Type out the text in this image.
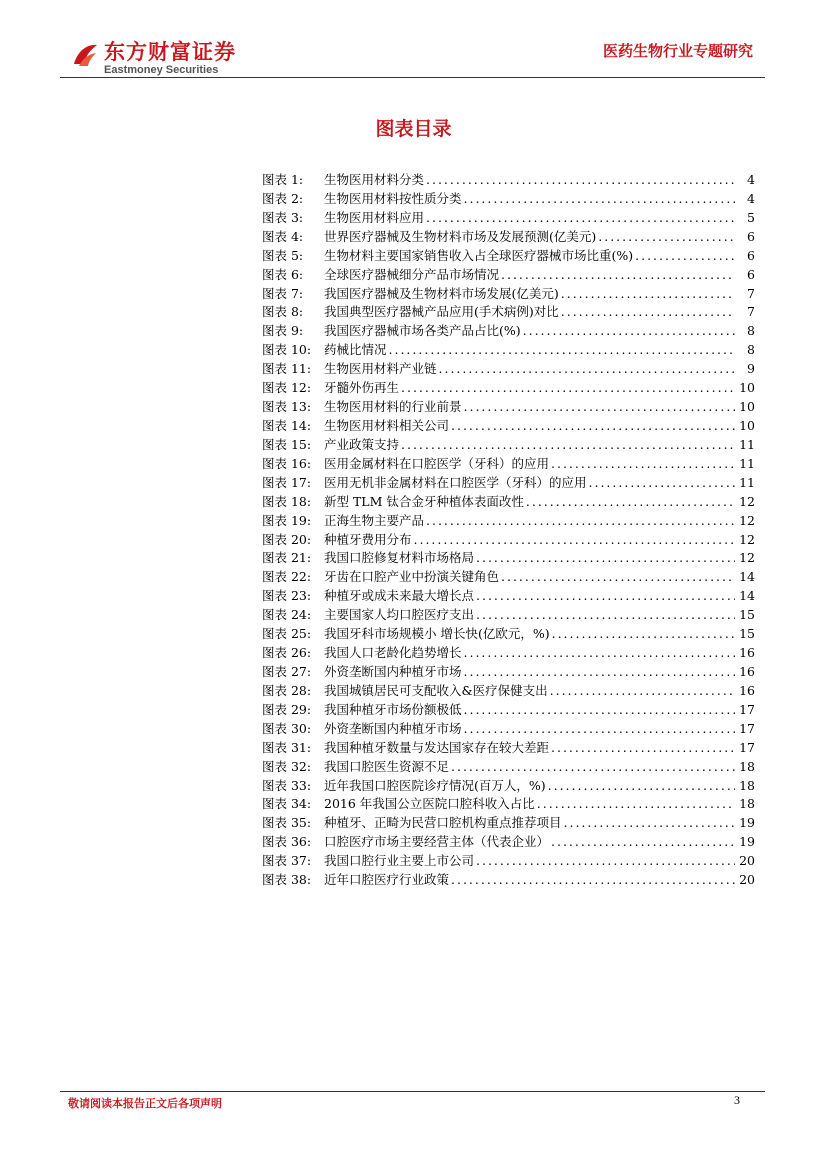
东方财富证券
Eastmoney Securities
医药生物行业专题研究
图表目录
图表 1:	生物医用材料分类 .....	4
图表 2:	生物医用材料按性质分类 .....	4
图表 3:	生物医用材料应用 .....	5
图表 4:	世界医疗器械及生物材料市场及发展预测(亿美元) .....	6
图表 5:	生物材料主要国家销售收入占全球医疗器械市场比重(%) .....	6
图表 6:	全球医疗器械细分产品市场情况 .....	6
图表 7:	我国医疗器械及生物材料市场发展(亿美元) .....	7
图表 8:	我国典型医疗器械产品应用(手术病例)对比 .....	7
图表 9:	我国医疗器械市场各类产品占比(%) .....	8
图表 10:	药械比情况 .....	8
图表 11:	生物医用材料产业链 .....	9
图表 12:	牙髓外伤再生 .....	10
图表 13:	生物医用材料的行业前景 .....	10
图表 14:	生物医用材料相关公司 .....	10
图表 15:	产业政策支持 .....	11
图表 16:	医用金属材料在口腔医学（牙科）的应用 .....	11
图表 17:	医用无机非金属材料在口腔医学（牙科）的应用 .....	11
图表 18:	新型 TLM 钛合金牙种植体表面改性 .....	12
图表 19:	正海生物主要产品 .....	12
图表 20:	种植牙费用分布 .....	12
图表 21:	我国口腔修复材料市场格局 .....	12
图表 22:	牙齿在口腔产业中扮演关键角色 .....	14
图表 23:	种植牙或成未来最大增长点 .....	14
图表 24:	主要国家人均口腔医疗支出 .....	15
图表 25:	我国牙科市场规模小 增长快(亿欧元，%) .....	15
图表 26:	我国人口老龄化趋势增长 .....	16
图表 27:	外资垄断国内种植牙市场 .....	16
图表 28:	我国城镇居民可支配收入&医疗保健支出 .....	16
图表 29:	我国种植牙市场份额极低 .....	17
图表 30:	外资垄断国内种植牙市场 .....	17
图表 31:	我国种植牙数量与发达国家存在较大差距 .....	17
图表 32:	我国口腔医生资源不足 .....	18
图表 33:	近年我国口腔医院诊疗情况(百万人，%) .....	18
图表 34:	2016 年我国公立医院口腔科收入占比 .....	18
图表 35:	种植牙、正畸为民营口腔机构重点推荐项目 .....	19
图表 36:	口腔医疗市场主要经营主体（代表企业） .....	19
图表 37:	我国口腔行业主要上市公司 .....	20
图表 38:	近年口腔医疗行业政策 .....	20
敬请阅读本报告正文后各项声明	3
